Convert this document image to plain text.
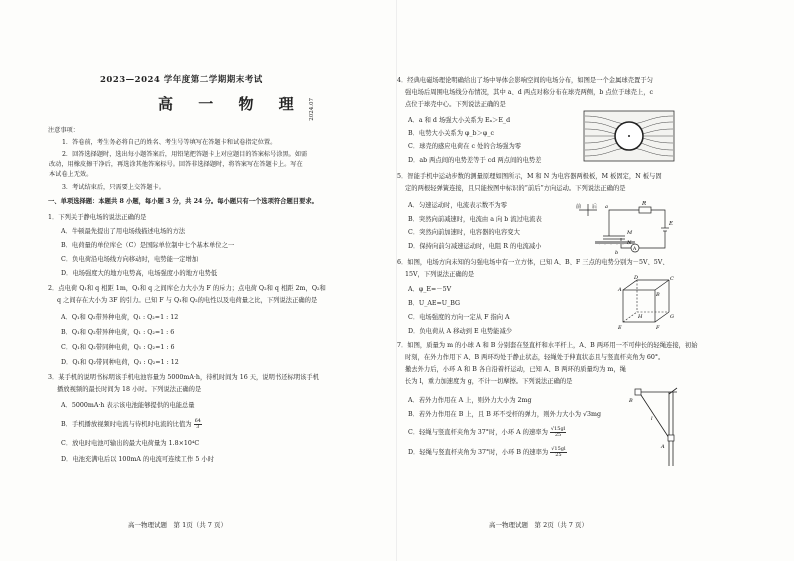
2023—2024 学年度第二学期期末考试
高 一 物 理 2024.07
注意事项：
1．答卷前，考生务必将自己的姓名、考生号等填写在答题卡和试卷指定位置。
2．回答选择题时，选出每小题答案后，用铅笔把答题卡上对应题目的答案标号涂黑。如需
改动，用橡皮擦干净后，再选涂其他答案标号。回答非选择题时，将答案写在答题卡上。写在
本试卷上无效。
3．考试结束后，只需要上交答题卡。
一、单项选择题：本题共 8 小题，每小题 3 分，共 24 分。每小题只有一个选项符合题目要求。
1．下列关于静电场的说法正确的是
A．牛顿最先提出了用电场线描述电场的方法
B．电荷量的单位库仑（C）是国际单位制中七个基本单位之一
C．负电荷沿电场线方向移动时，电势能一定增加
D．电场强度大的地方电势高，电场强度小的地方电势低
2．点电荷 Q₁和 q 相距 1m，Q₁和 q 之间库仑力大小为 F 的斥力；点电荷 Q₂和 q 相距 2m，Q₂和
q 之间存在大小为 3F 的引力。已知 F 与 Q₁和 Q₂的电性以及电荷量之比，下列说法正确的是
A．Q₁和 Q₂带异种电荷，Q₁ : Q₂=1 : 12
B．Q₁和 Q₂带异种电荷，Q₁ : Q₂=1 : 6
C．Q₁和 Q₂带同种电荷，Q₁ : Q₂=1 : 6
D．Q₁和 Q₂带同种电荷，Q₁ : Q₂=1 : 12
3．某手机的说明书标明该手机电池容量为 5000mA·h，待机时间为 16 天，说明书还标明该手机
播放视频的最长时间为 18 小时。下列说法正确的是
A．5000mA·h 表示该电池能够提供的电能总量
B．手机播放视频时电流与待机时电流的比值为 $\frac{64}{3}$
C．放电时电池可输出的最大电荷量为 1.8×10⁴C
D．电池充满电后以 100mA 的电流可连续工作 5 小时
高一物理试题　第 1页（共 7 页）
4．经典电磁场理论明确给出了场中导体会影响空间的电场分布，如图是一个金属球壳置于匀
强电场后周围电场线分布情况，其中 a、d 两点对称分布在球壳两侧，b 点位于球壳上，c
点位于球壳中心。下列说法正确的是
A．a 和 d 场强大小关系为 Eₐ＞E_d
B．电势大小关系为 φ_b＞φ_c
C．球壳的感应电荷在 c 处的合场强为零
D．ab 两点间的电势差等于 cd 两点间的电势差
5．智能手机中运动步数的测量原理如图所示，M 和 N 为电容器两极板，M 板固定，N 板与固
定的两根轻弹簧连接，且只能按图中标识的“前后”方向运动。下列说法正确的是
A．匀速运动时，电流表示数不为零
B．突然向前减速时，电流由 a 向 b 流过电流表
C．突然向前加速时，电容器的电容变大
D．保持向前匀减速运动时，电阻 R 的电流减小
前 后	R
E
a
b
A
M
N
6．如图，电场方向未知的匀强电场中有一立方体，已知 A、B、F 三点的电势分别为－5V、5V、
15V，下列说法正确的是
A．φ_E=－5V
B．U_AE=U_BG
C．电场强度的方向一定从 F 指向 A
D．负电荷从 A 移动到 E 电势能减少
A
B
C
D
E	F
G
H
7．如图，质量为 m 的小球 A 和 B 分别套在竖直杆和水平杆上，A、B 两环用一不可伸长的轻绳连接，初始
时刻，在外力作用下 A、B 两环均处于静止状态，轻绳处于伸直状态且与竖直杆夹角为 60°。
撤去外力后，小环 A 和 B 各自沿着杆运动，已知 A、B 两环的质量均为 m，绳
长为 l，重力加速度为 g，不计一切摩擦。下列说法正确的是
A．若外力作用在 A 上，则外力大小为 2mg
B．若外力作用在 B 上，且 B 环不受杆的弹力，则外力大小为 √3mg
C．轻绳与竖直杆夹角为 37°时，小环 A 的速率为 $\frac{√15gl}{25}$
D．轻绳与竖直杆夹角为 37°时，小环 B 的速率为 $\frac{√15gl}{25}$
B
A
l
高一物理试题　第 2页（共 7 页）
